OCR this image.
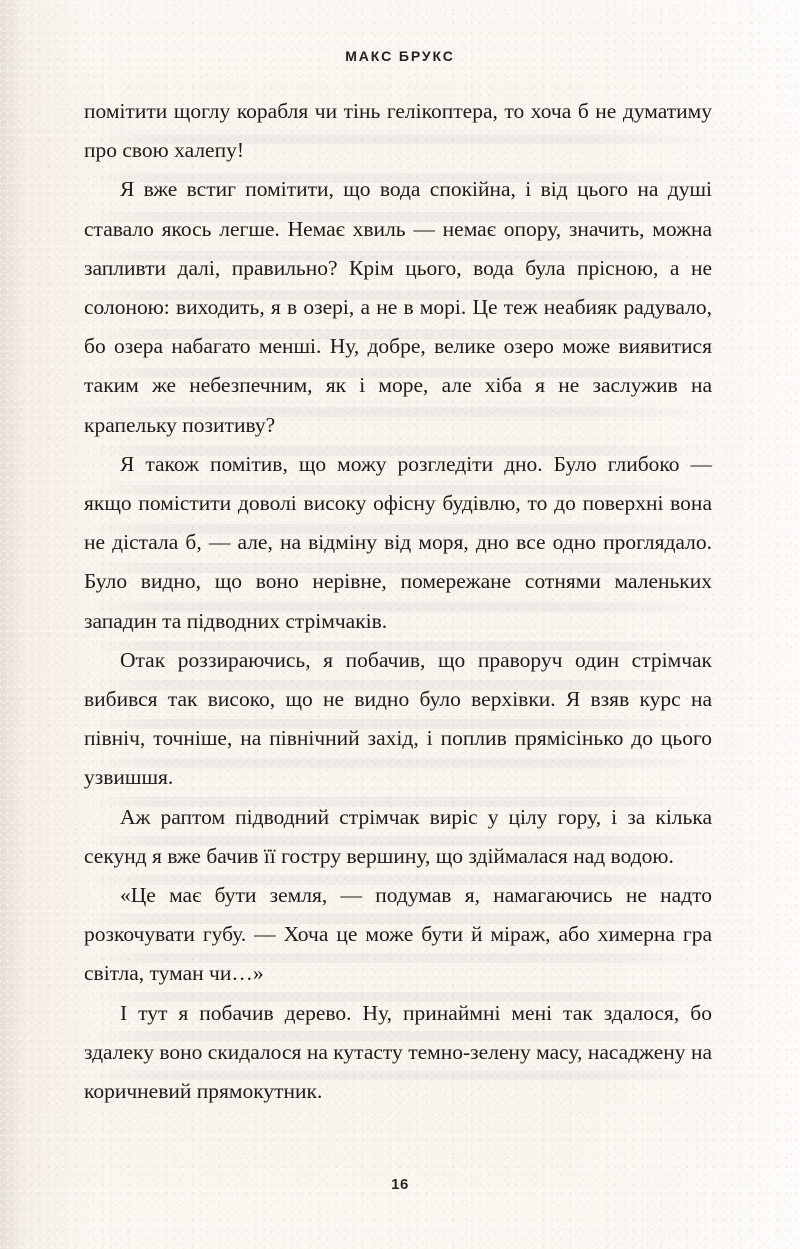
МАКС БРУКС

помітити щоглу корабля чи тінь гелікоптера, то хоча б не думатиму про свою халепу!

Я вже встиг помітити, що вода спокійна, і від цього на душі ставало якось легше. Немає хвиль — немає опору, значить, можна запливти далі, правильно? Крім цього, вода була прісною, а не солоною: виходить, я в озері, а не в морі. Це теж неабияк радувало, бо озера набагато менші. Ну, добре, велике озеро може виявитися таким же небезпечним, як і море, але хіба я не заслужив на крапельку позитиву?

Я також помітив, що можу розгледіти дно. Було глибоко — якщо помістити доволі високу офісну будівлю, то до поверхні вона не дістала б, — але, на відміну від моря, дно все одно проглядало. Було видно, що воно нерівне, помережане сотнями маленьких западин та підводних стрімчаків.

Отак роззираючись, я побачив, що праворуч один стрімчак вибився так високо, що не видно було верхівки. Я взяв курс на північ, точніше, на північний захід, і поплив прямісінько до цього узвишшя.

Аж раптом підводний стрімчак виріс у цілу гору, і за кілька секунд я вже бачив її гостру вершину, що здіймалася над водою.

«Це має бути земля, — подумав я, намагаючись не надто розкочувати губу. — Хоча це може бути й міраж, або химерна гра світла, туман чи…»

І тут я побачив дерево. Ну, принаймні мені так здалося, бо здалеку воно скидалося на кутасту темно-зелену масу, насаджену на коричневий прямокутник.

16
